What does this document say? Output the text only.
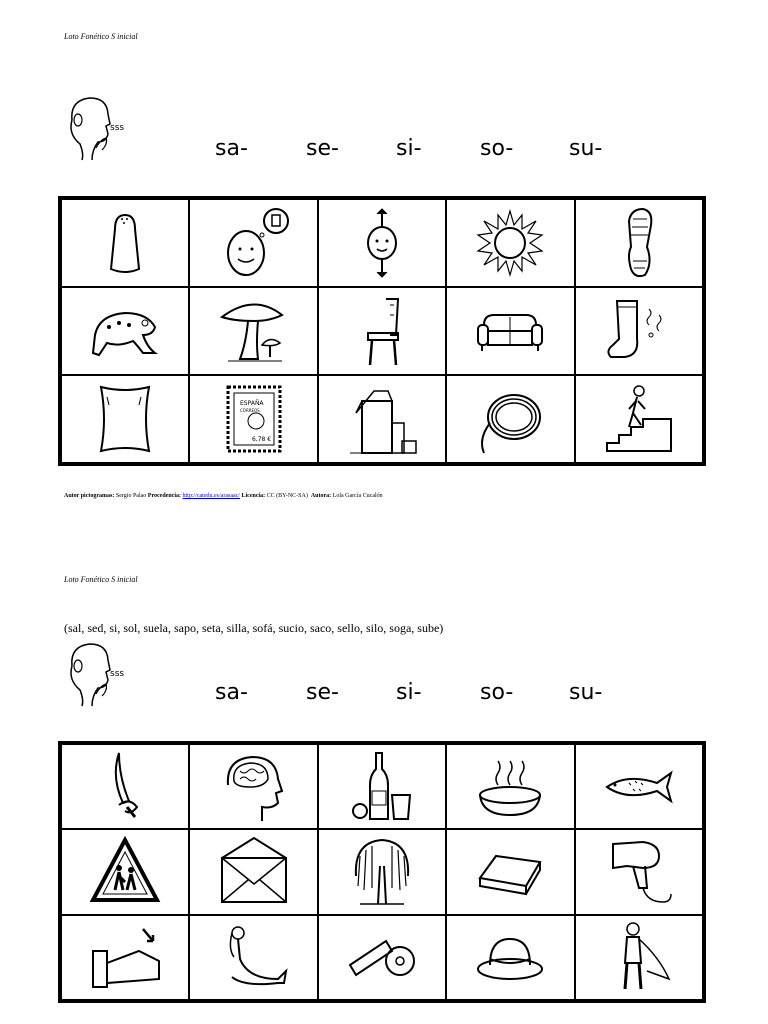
Loto Fonético S inicial
sss
sa-	se-	si-	so-	su-
ESPAÑA
CORREOS
6,78 €
Autor pictogramas: Sergio Palao Procedencia: http://catedu.es/arasaac/ Licencia: CC (BY-NC-SA) Autora: Lola García Cucalón
Loto Fonético S inicial
(sal, sed, si, sol, suela, sapo, seta, silla, sofá, sucio, saco, sello, silo, soga, sube)
sss
sa-	se-	si-	so-	su-
